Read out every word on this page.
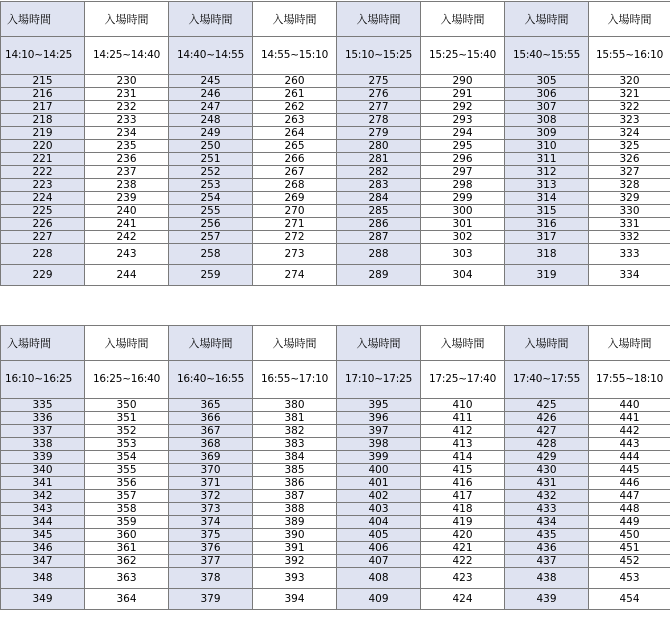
入場時間	入場時間	入場時間	入場時間	入場時間	入場時間	入場時間	入場時間
14:10~14:25	14:25~14:40	14:40~14:55	14:55~15:10	15:10~15:25	15:25~15:40	15:40~15:55	15:55~16:10
215	230	245	260	275	290	305	320
216	231	246	261	276	291	306	321
217	232	247	262	277	292	307	322
218	233	248	263	278	293	308	323
219	234	249	264	279	294	309	324
220	235	250	265	280	295	310	325
221	236	251	266	281	296	311	326
222	237	252	267	282	297	312	327
223	238	253	268	283	298	313	328
224	239	254	269	284	299	314	329
225	240	255	270	285	300	315	330
226	241	256	271	286	301	316	331
227	242	257	272	287	302	317	332
228	243	258	273	288	303	318	333
229	244	259	274	289	304	319	334
入場時間	入場時間	入場時間	入場時間	入場時間	入場時間	入場時間	入場時間
16:10~16:25	16:25~16:40	16:40~16:55	16:55~17:10	17:10~17:25	17:25~17:40	17:40~17:55	17:55~18:10
335	350	365	380	395	410	425	440
336	351	366	381	396	411	426	441
337	352	367	382	397	412	427	442
338	353	368	383	398	413	428	443
339	354	369	384	399	414	429	444
340	355	370	385	400	415	430	445
341	356	371	386	401	416	431	446
342	357	372	387	402	417	432	447
343	358	373	388	403	418	433	448
344	359	374	389	404	419	434	449
345	360	375	390	405	420	435	450
346	361	376	391	406	421	436	451
347	362	377	392	407	422	437	452
348	363	378	393	408	423	438	453
349	364	379	394	409	424	439	454
